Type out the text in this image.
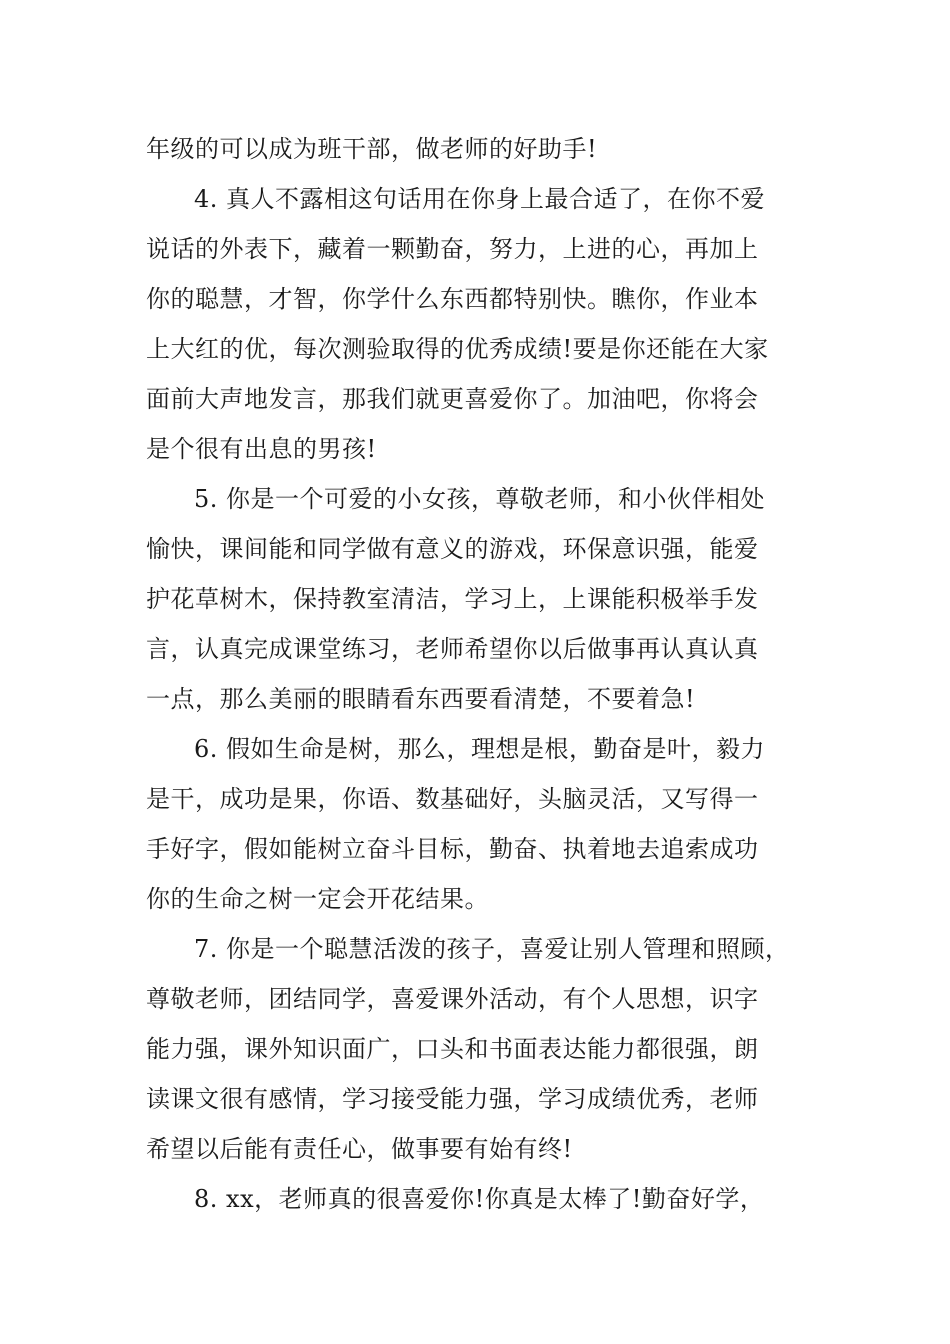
年级的可以成为班干部，做老师的好助手!
4. 真人不露相这句话用在你身上最合适了，在你不爱
说话的外表下，藏着一颗勤奋，努力，上进的心，再加上
你的聪慧，才智，你学什么东西都特别快。瞧你，作业本
上大红的优，每次测验取得的优秀成绩!要是你还能在大家
面前大声地发言，那我们就更喜爱你了。加油吧，你将会
是个很有出息的男孩!
5. 你是一个可爱的小女孩，尊敬老师，和小伙伴相处
愉快，课间能和同学做有意义的游戏，环保意识强，能爱
护花草树木，保持教室清洁，学习上，上课能积极举手发
言，认真完成课堂练习，老师希望你以后做事再认真认真
一点，那么美丽的眼睛看东西要看清楚，不要着急!
6. 假如生命是树，那么，理想是根，勤奋是叶，毅力
是干，成功是果，你语、数基础好，头脑灵活，又写得一
手好字，假如能树立奋斗目标，勤奋、执着地去追索成功
你的生命之树一定会开花结果。
7. 你是一个聪慧活泼的孩子，喜爱让别人管理和照顾，
尊敬老师，团结同学，喜爱课外活动，有个人思想，识字
能力强，课外知识面广，口头和书面表达能力都很强，朗
读课文很有感情，学习接受能力强，学习成绩优秀，老师
希望以后能有责任心，做事要有始有终!
8. xx，老师真的很喜爱你!你真是太棒了!勤奋好学，
